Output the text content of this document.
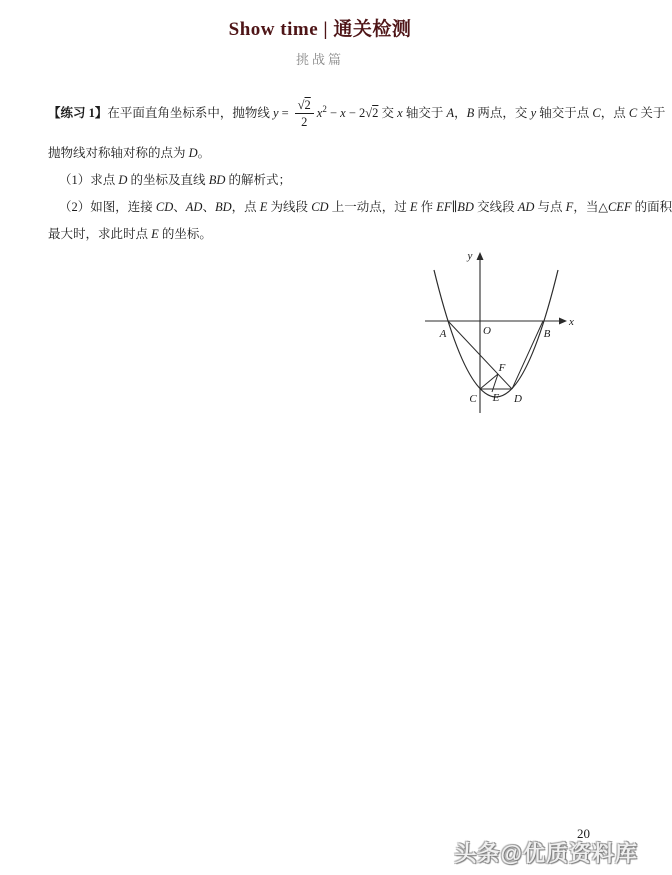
Show time | 通关检测
挑战篇
【练习 1】在平面直角坐标系中，抛物线 $y = \frac{√2}{2} x^2 - x - 2√2$ 交 x 轴交于 A，B 两点，交 y 轴交于点 C，点 C 关于
抛物线对称轴对称的点为 D。
（1）求点 D 的坐标及直线 BD 的解析式；
（2）如图，连接 CD、AD、BD，点 E 为线段 CD 上一动点，过 E 作 EF∥BD 交线段 AD 与点 F，当△CEF 的面积
最大时，求此时点 E 的坐标。
y
x
O
A	B
C	D
E
F
20
头条@优质资料库
